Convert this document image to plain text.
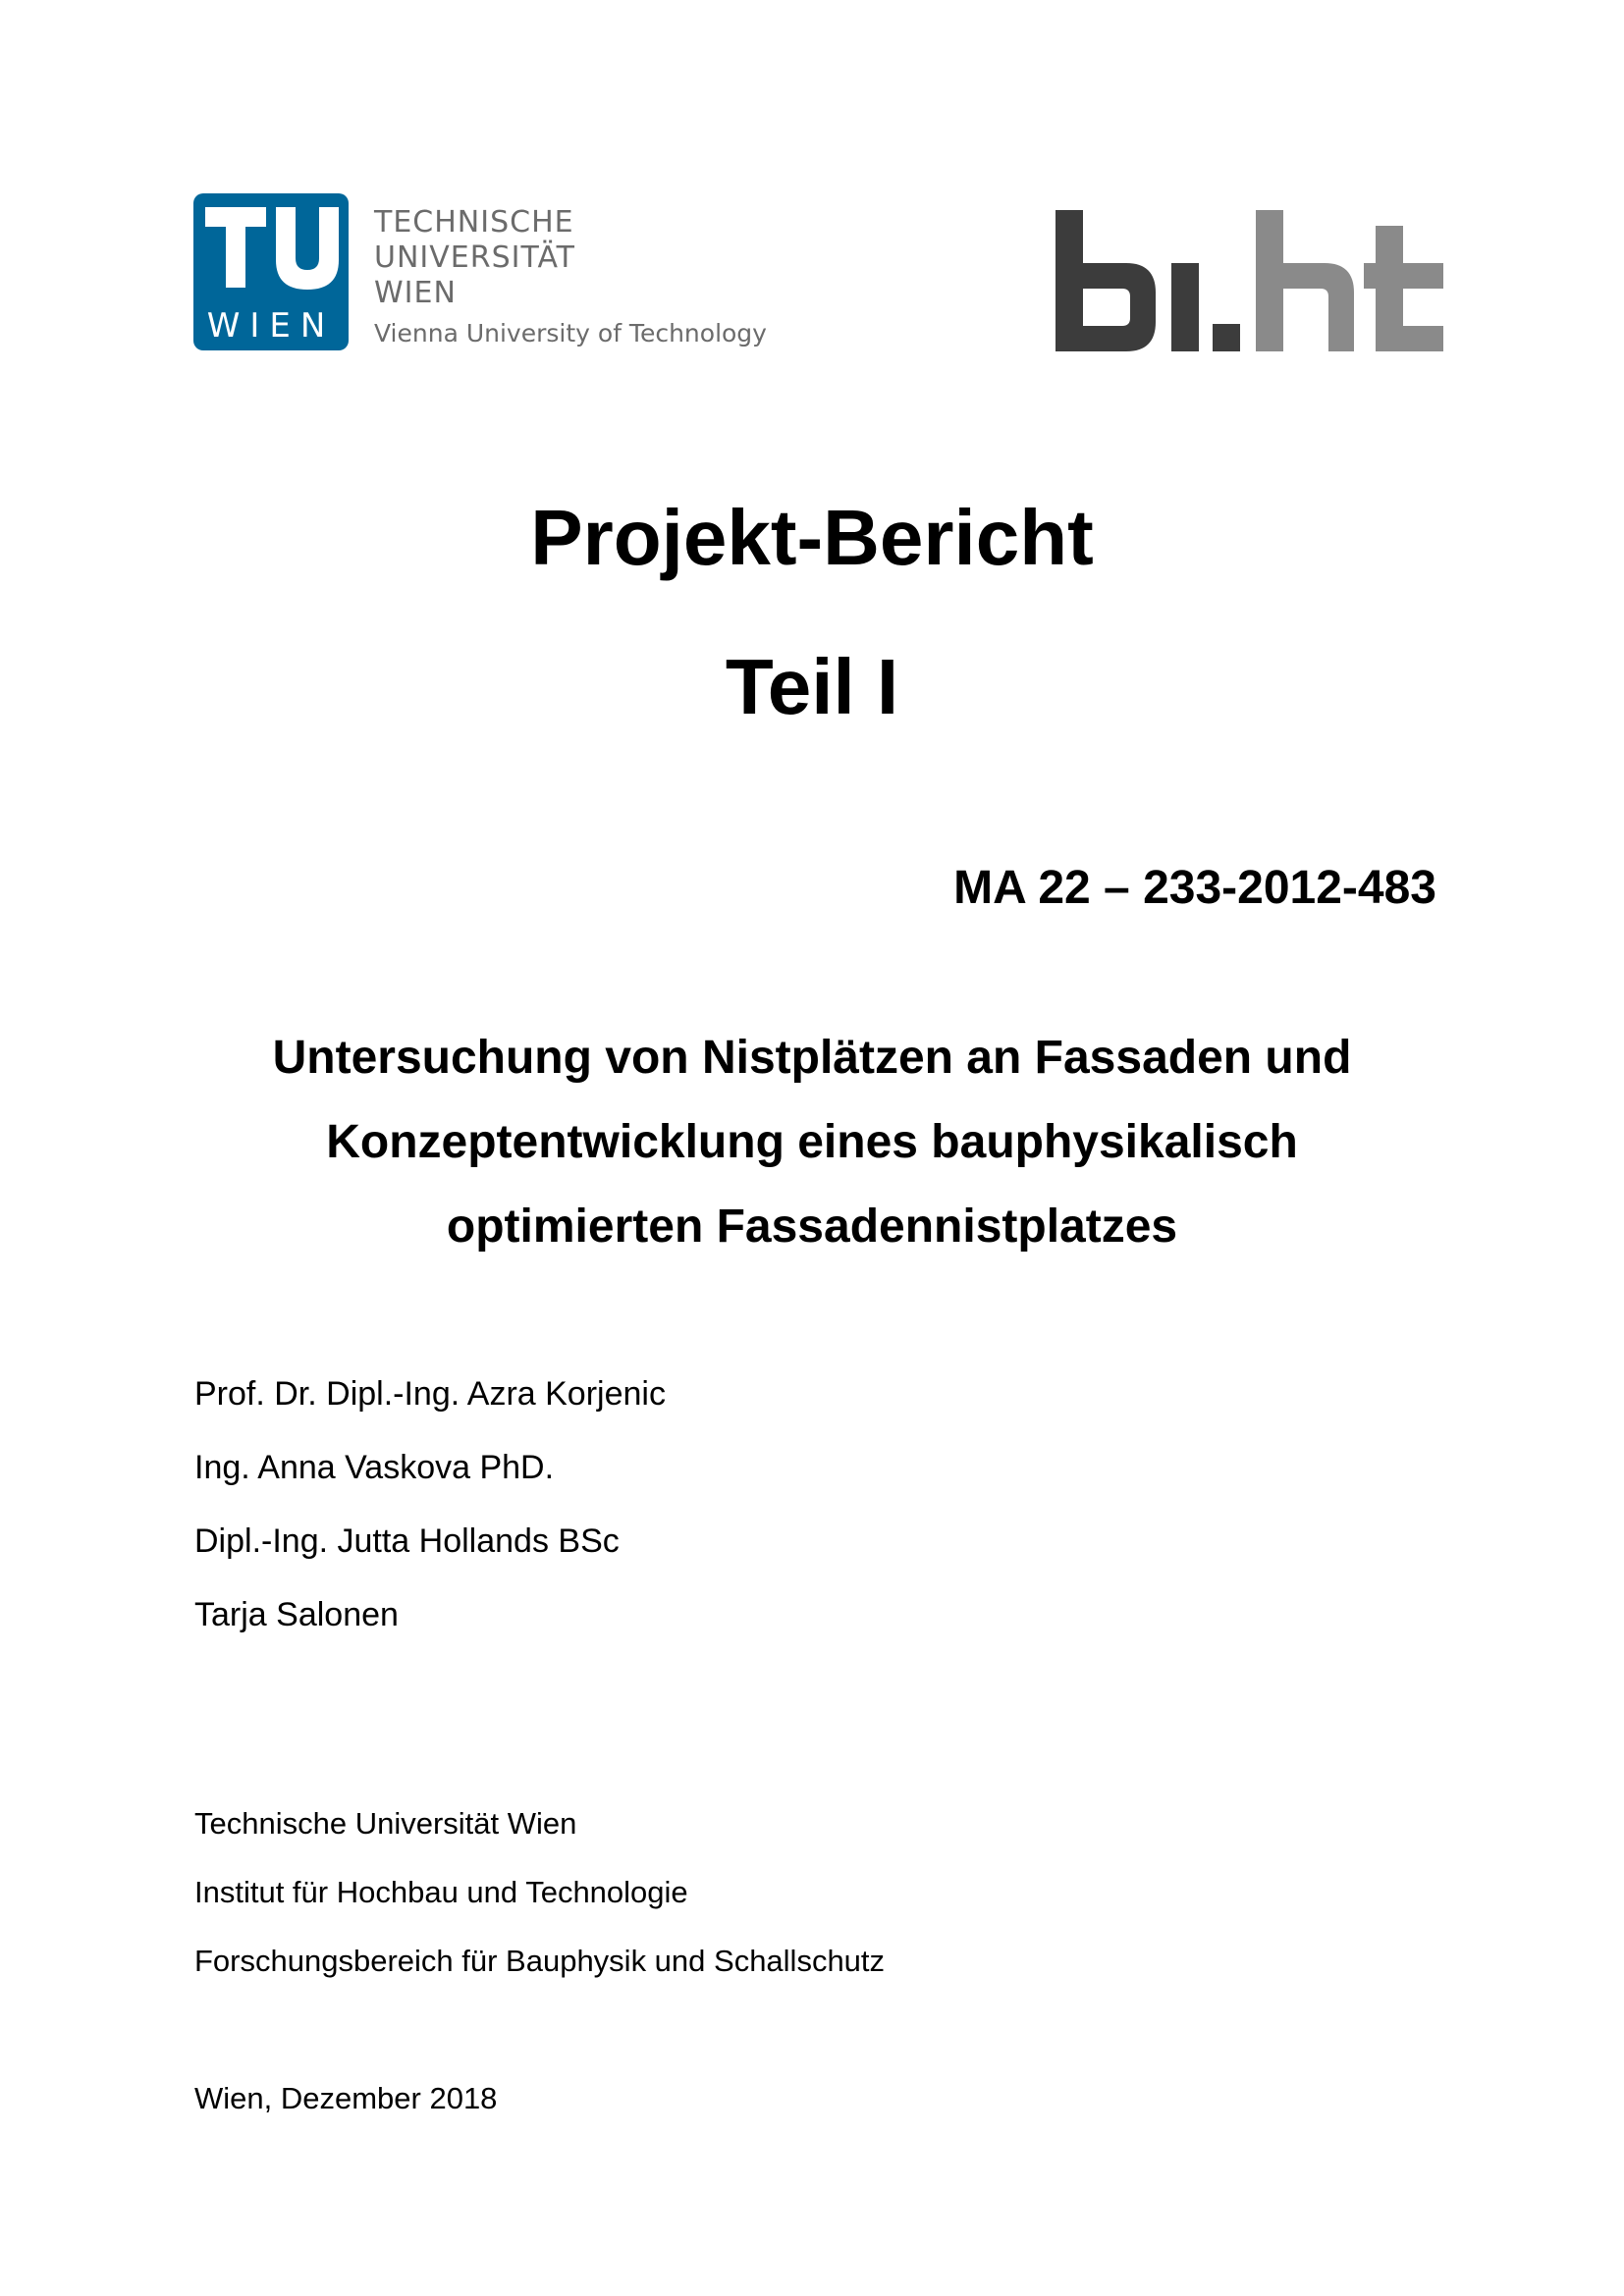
WIEN
TECHNISCHE
UNIVERSITÄT
WIEN
Vienna University of Technology
Projekt-Bericht
Teil I
MA 22 – 233-2012-483
Untersuchung von Nistplätzen an Fassaden und
Konzeptentwicklung eines bauphysikalisch
optimierten Fassadennistplatzes
Prof. Dr. Dipl.-Ing. Azra Korjenic
Ing. Anna Vaskova PhD.
Dipl.-Ing. Jutta Hollands BSc
Tarja Salonen
Technische Universität Wien
Institut für Hochbau und Technologie
Forschungsbereich für Bauphysik und Schallschutz
Wien, Dezember 2018
